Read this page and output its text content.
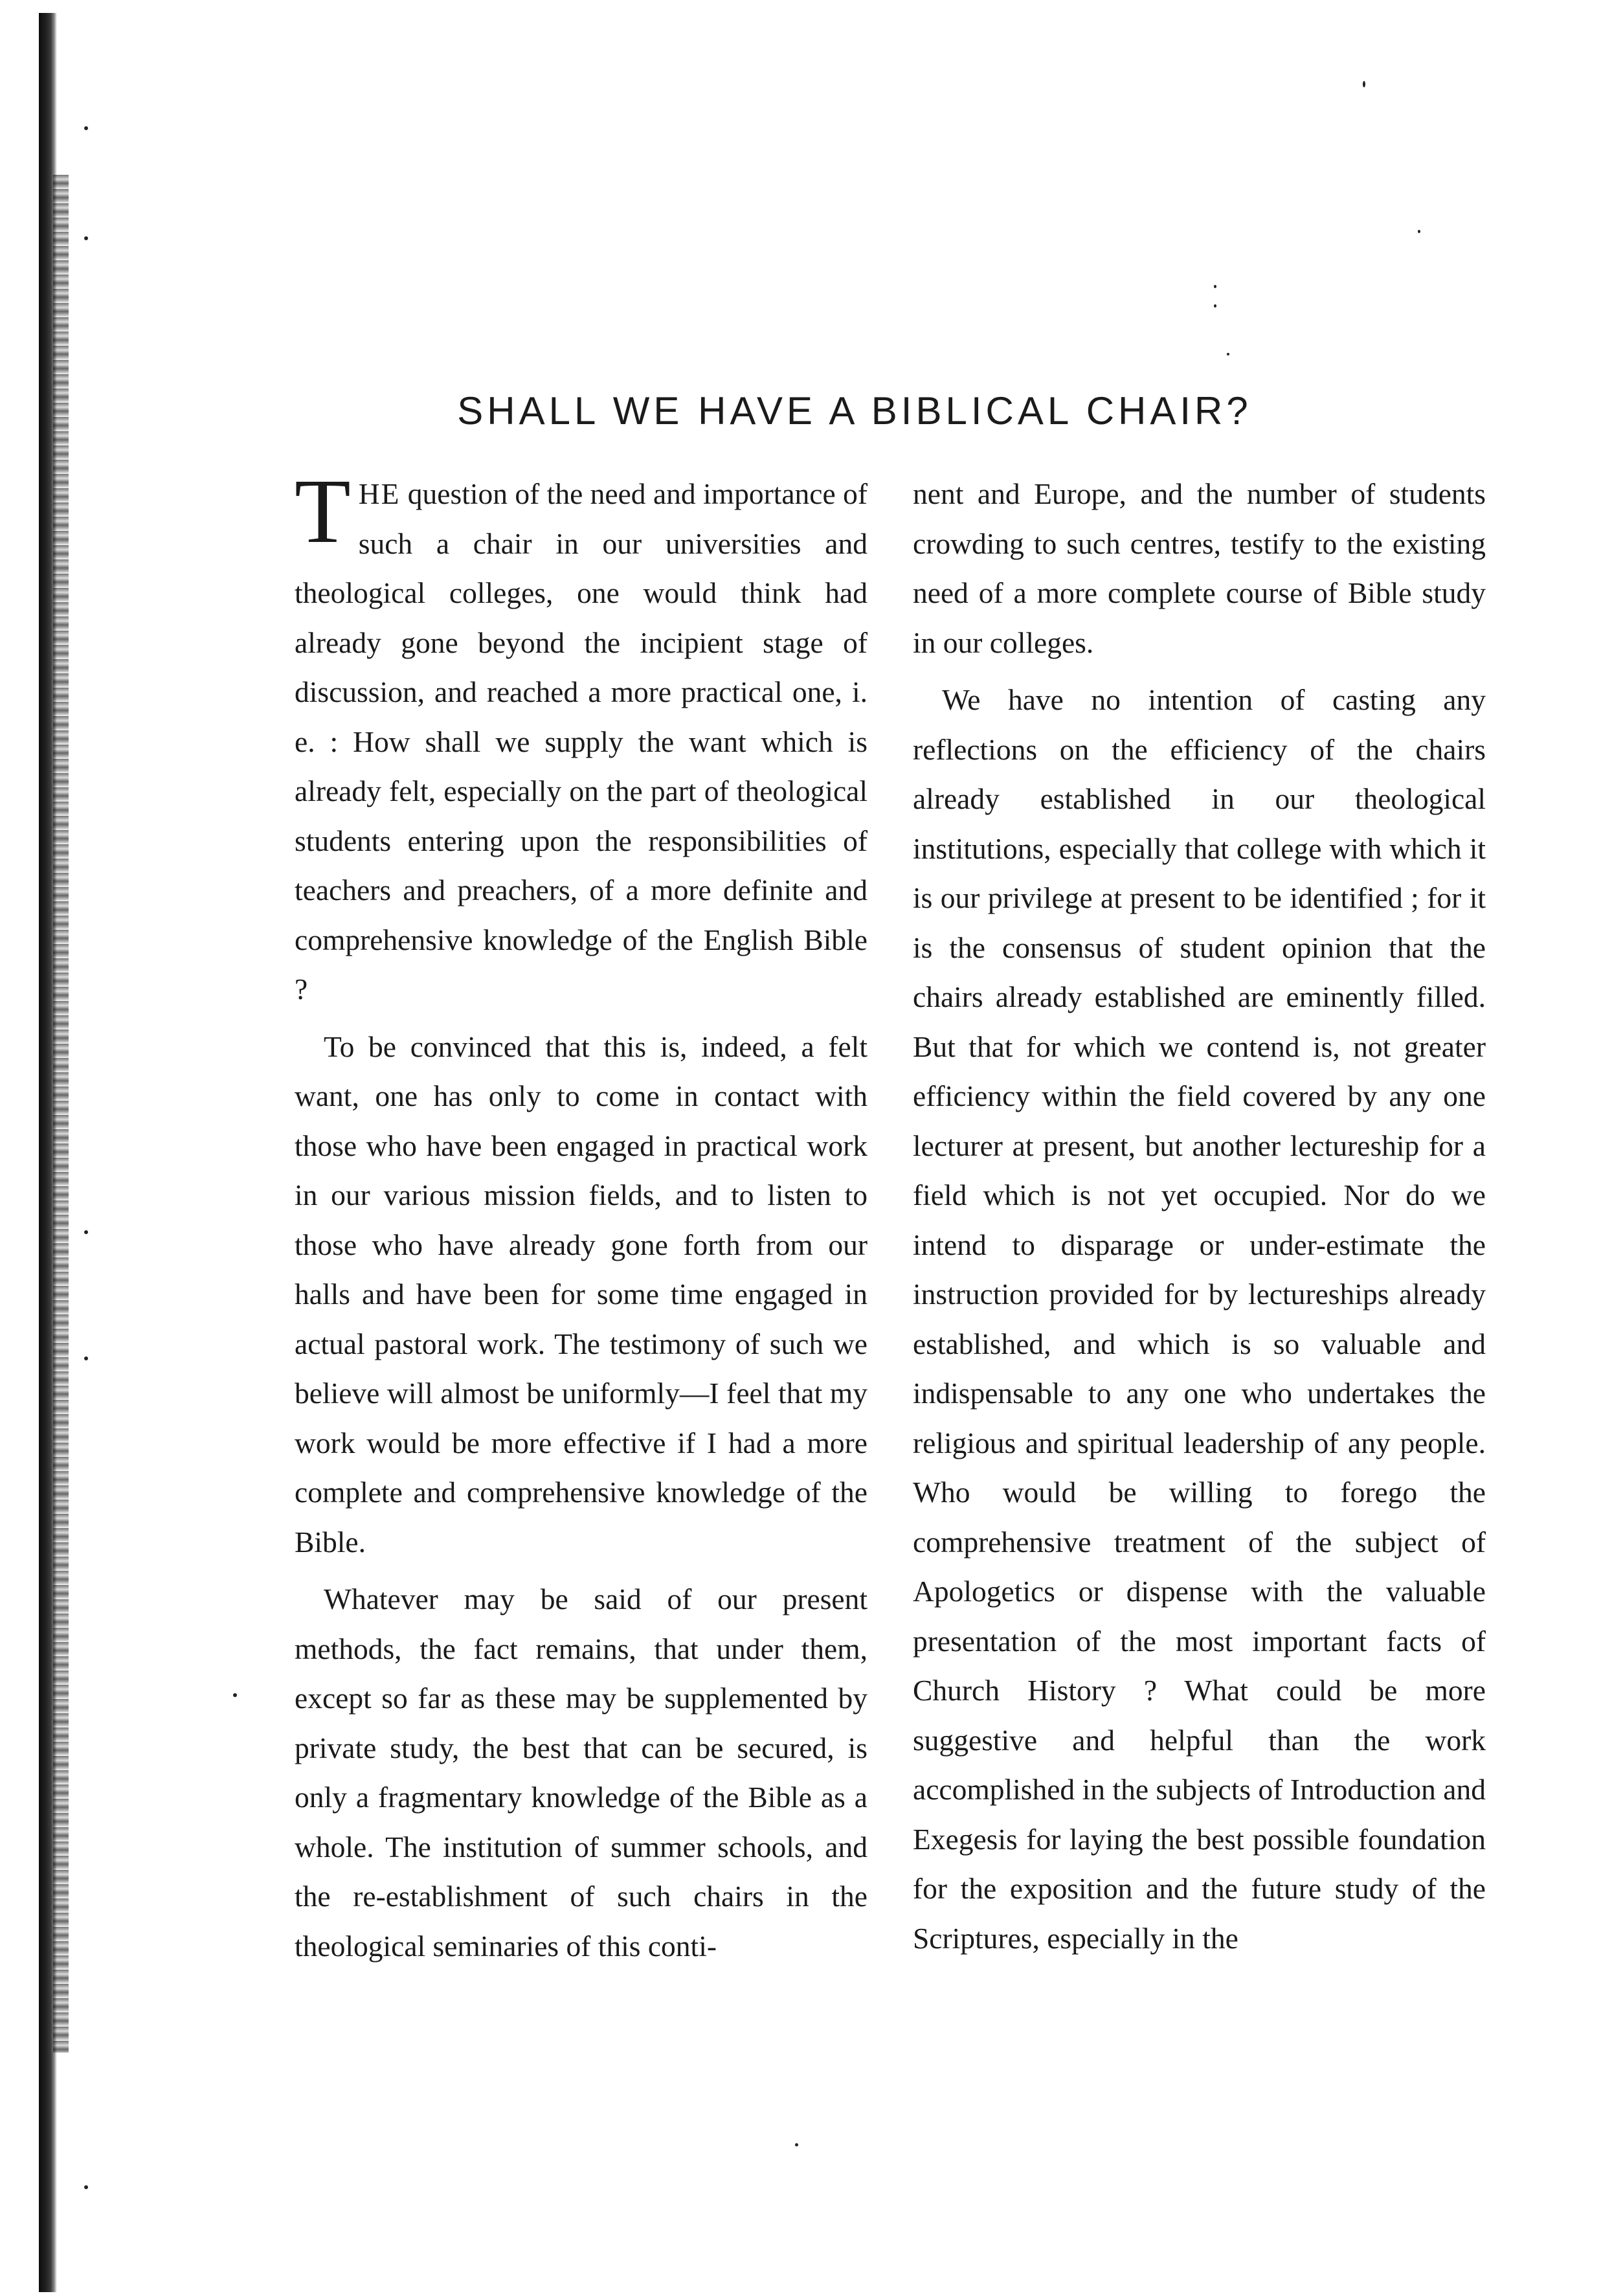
SHALL WE HAVE A BIBLICAL CHAIR?

THE question of the need and importance of such a chair in our universities and theological colleges, one would think had already gone beyond the incipient stage of discussion, and reached a more practical one, i. e. : How shall we supply the want which is already felt, especially on the part of theological students entering upon the responsibilities of teachers and preachers, of a more definite and comprehensive knowledge of the English Bible ?

To be convinced that this is, indeed, a felt want, one has only to come in contact with those who have been engaged in practical work in our various mission fields, and to listen to those who have already gone forth from our halls and have been for some time engaged in actual pastoral work. The testimony of such we believe will almost be uniformly—I feel that my work would be more effective if I had a more complete and comprehensive knowledge of the Bible.

Whatever may be said of our present methods, the fact remains, that under them, except so far as these may be supplemented by private study, the best that can be secured, is only a fragmentary knowledge of the Bible as a whole. The institution of summer schools, and the re-establishment of such chairs in the theological seminaries of this conti-

nent and Europe, and the number of students crowding to such centres, testify to the existing need of a more complete course of Bible study in our colleges.

We have no intention of casting any reflections on the efficiency of the chairs already established in our theological institutions, especially that college with which it is our privilege at present to be identified ; for it is the consensus of student opinion that the chairs already established are eminently filled. But that for which we contend is, not greater efficiency within the field covered by any one lecturer at present, but another lectureship for a field which is not yet occupied. Nor do we intend to disparage or under-estimate the instruction provided for by lectureships already established, and which is so valuable and indispensable to any one who undertakes the religious and spiritual leadership of any people. Who would be willing to forego the comprehensive treatment of the subject of Apologetics or dispense with the valuable presentation of the most important facts of Church History ? What could be more suggestive and helpful than the work accomplished in the subjects of Introduction and Exegesis for laying the best possible foundation for the exposition and the future study of the Scriptures, especially in the
